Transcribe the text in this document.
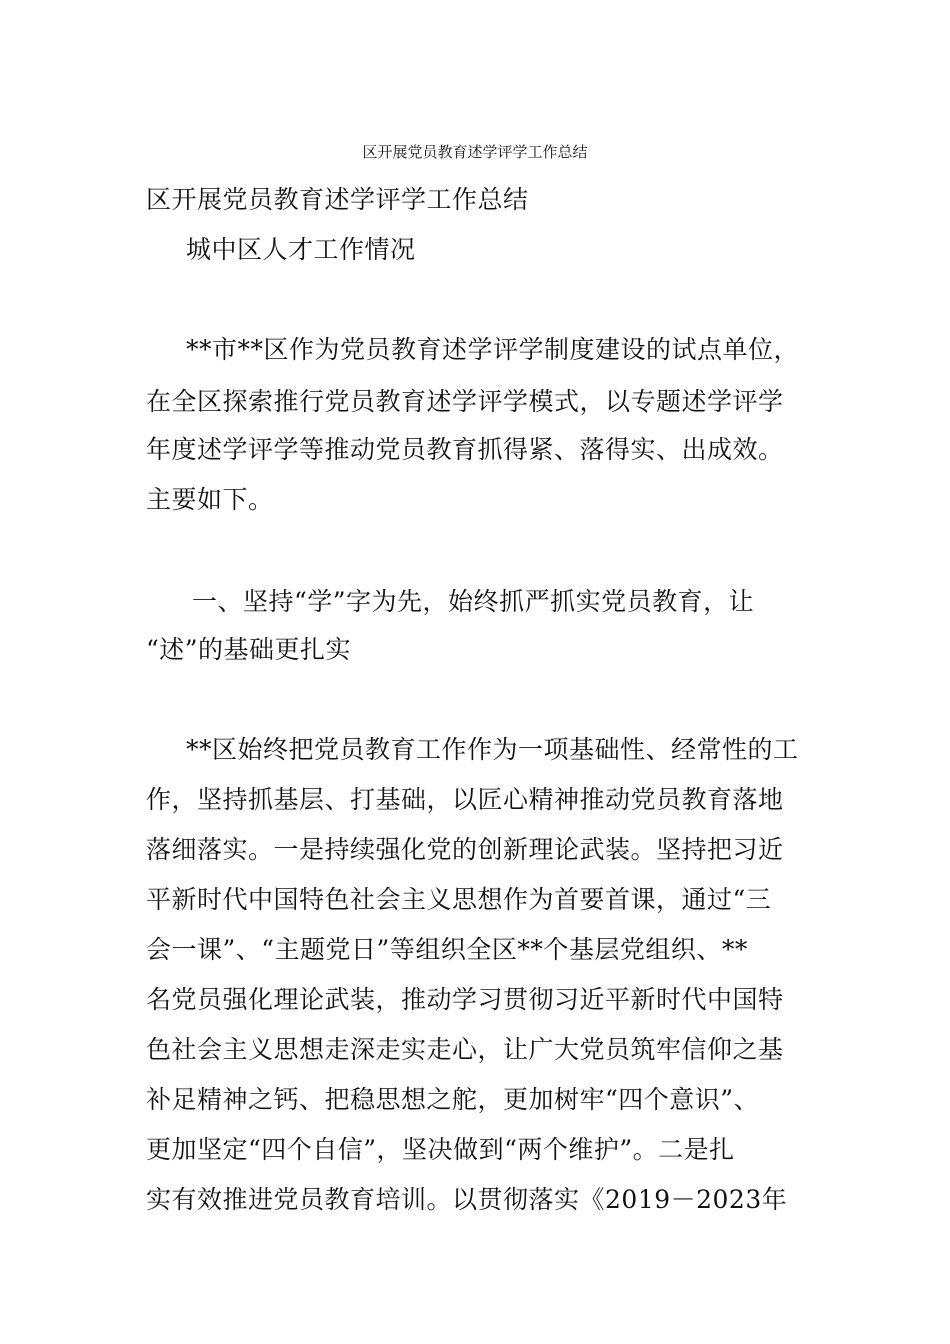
区开展党员教育述学评学工作总结
区开展党员教育述学评学工作总结
城中区人才工作情况
**市**区作为党员教育述学评学制度建设的试点单位，
在全区探索推行党员教育述学评学模式，以专题述学评学
年度述学评学等推动党员教育抓得紧、落得实、出成效。
主要如下。
一、坚持“学”字为先，始终抓严抓实党员教育，让
“述”的基础更扎实
**区始终把党员教育工作作为一项基础性、经常性的工
作，坚持抓基层、打基础，以匠心精神推动党员教育落地
落细落实。一是持续强化党的创新理论武装。坚持把习近
平新时代中国特色社会主义思想作为首要首课，通过“三
会一课”、“主题党日”等组织全区**个基层党组织、**
名党员强化理论武装，推动学习贯彻习近平新时代中国特
色社会主义思想走深走实走心，让广大党员筑牢信仰之基
补足精神之钙、把稳思想之舵，更加树牢“四个意识”、
更加坚定“四个自信”，坚决做到“两个维护”。二是扎
实有效推进党员教育培训。以贯彻落实《2019－2023年
